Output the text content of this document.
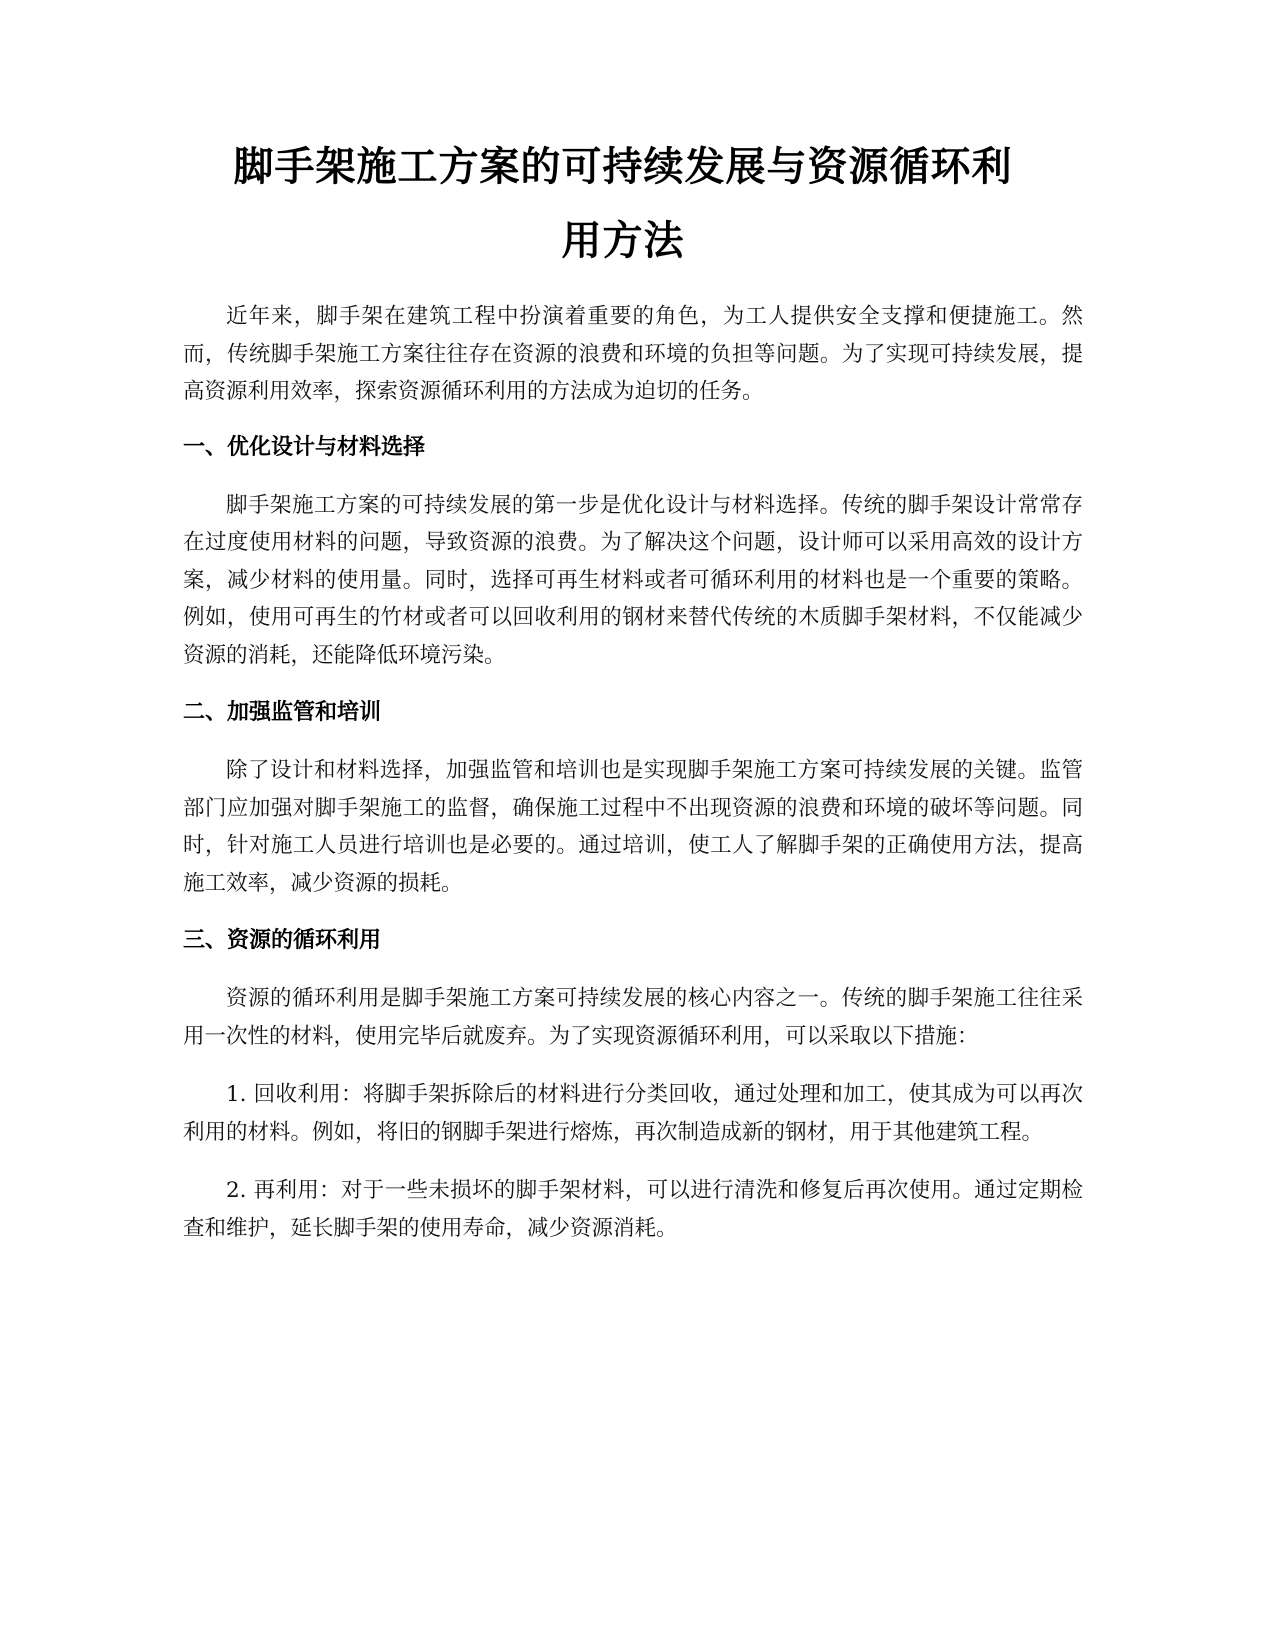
脚手架施工方案的可持续发展与资源循环利
用方法

近年来，脚手架在建筑工程中扮演着重要的角色，为工人提供安全支撑和便捷施工。然而，传统脚手架施工方案往往存在资源的浪费和环境的负担等问题。为了实现可持续发展，提高资源利用效率，探索资源循环利用的方法成为迫切的任务。

一、优化设计与材料选择

脚手架施工方案的可持续发展的第一步是优化设计与材料选择。传统的脚手架设计常常存在过度使用材料的问题，导致资源的浪费。为了解决这个问题，设计师可以采用高效的设计方案，减少材料的使用量。同时，选择可再生材料或者可循环利用的材料也是一个重要的策略。例如，使用可再生的竹材或者可以回收利用的钢材来替代传统的木质脚手架材料，不仅能减少资源的消耗，还能降低环境污染。

二、加强监管和培训

除了设计和材料选择，加强监管和培训也是实现脚手架施工方案可持续发展的关键。监管部门应加强对脚手架施工的监督，确保施工过程中不出现资源的浪费和环境的破坏等问题。同时，针对施工人员进行培训也是必要的。通过培训，使工人了解脚手架的正确使用方法，提高施工效率，减少资源的损耗。

三、资源的循环利用

资源的循环利用是脚手架施工方案可持续发展的核心内容之一。传统的脚手架施工往往采用一次性的材料，使用完毕后就废弃。为了实现资源循环利用，可以采取以下措施：

1. 回收利用：将脚手架拆除后的材料进行分类回收，通过处理和加工，使其成为可以再次利用的材料。例如，将旧的钢脚手架进行熔炼，再次制造成新的钢材，用于其他建筑工程。

2. 再利用：对于一些未损坏的脚手架材料，可以进行清洗和修复后再次使用。通过定期检查和维护，延长脚手架的使用寿命，减少资源消耗。
